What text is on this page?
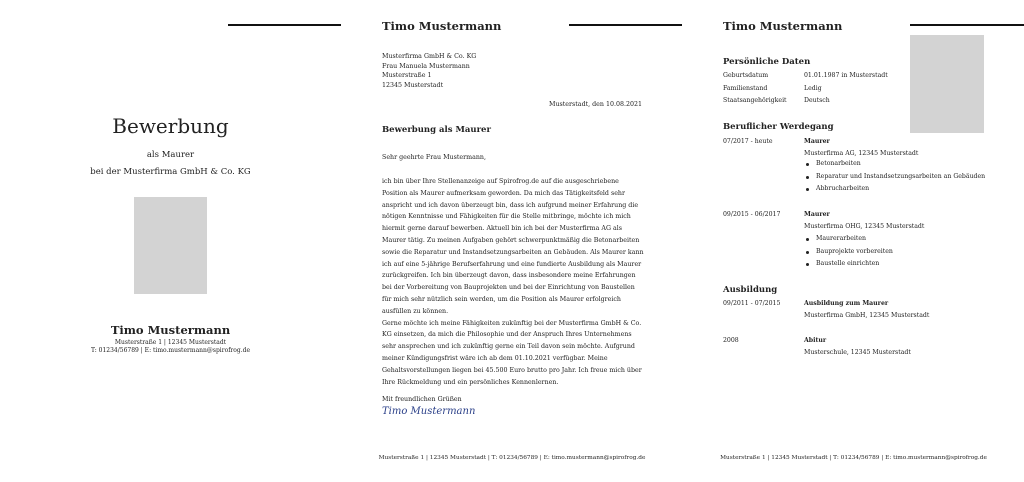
Bewerbung
als Maurer
bei der Musterfirma GmbH & Co. KG
Timo Mustermann
Musterstraße 1 | 12345 Musterstadt
T: 01234/56789 | E: timo.mustermann@spirofrog.de
Timo Mustermann
Musterfirma GmbH & Co. KG
Frau Manuela Mustermann
Musterstraße 1
12345 Musterstadt
Musterstadt, den 10.08.2021
Bewerbung als Maurer
Sehr geehrte Frau Mustermann,

ich bin über Ihre Stellenanzeige auf Spirofrog.de auf die ausgeschriebene Position als Maurer aufmerksam geworden. Da mich das Tätigkeitsfeld sehr anspricht und ich davon überzeugt bin, dass ich aufgrund meiner Erfahrung die nötigen Kenntnisse und Fähigkeiten für die Stelle mitbringe, möchte ich mich hiermit gerne darauf bewerben. Aktuell bin ich bei der Musterfirma AG als Maurer tätig. Zu meinen Aufgaben gehört schwerpunktmäßig die Betonarbeiten sowie die Reparatur und Instandsetzungsarbeiten an Gebäuden. Als Maurer kann ich auf eine 5-jährige Berufserfahrung und eine fundierte Ausbildung als Maurer zurückgreifen. Ich bin überzeugt davon, dass insbesondere meine Erfahrungen bei der Vorbereitung von Bauprojekten und bei der Einrichtung von Baustellen für mich sehr nützlich sein werden, um die Position als Maurer erfolgreich ausfüllen zu können.

Gerne möchte ich meine Fähigkeiten zukünftig bei der Musterfirma GmbH & Co. KG einsetzen, da mich die Philosophie und der Anspruch Ihres Unternehmens sehr ansprechen und ich zukünftig gerne ein Teil davon sein möchte. Aufgrund meiner Kündigungsfrist wäre ich ab dem 01.10.2021 verfügbar. Meine Gehaltsvorstellungen liegen bei 45.500 Euro brutto pro Jahr. Ich freue mich über Ihre Rückmeldung und ein persönliches Kennenlernen.

Mit freundlichen Grüßen
Timo Mustermann
Musterstraße 1 | 12345 Musterstadt | T: 01234/56789 | E: timo.mustermann@spirofrog.de
Timo Mustermann
Persönliche Daten
Geburtsdatum	01.01.1987 in Musterstadt
Familienstand	Ledig
Staatsangehörigkeit	Deutsch
Beruflicher Werdegang
07/2017 - heute	Maurer
Musterfirma AG, 12345 Musterstadt
Betonarbeiten
Reparatur und Instandsetzungsarbeiten an Gebäuden
Abbrucharbeiten
09/2015 - 06/2017	Maurer
Musterfirma OHG, 12345 Musterstadt
Maurerarbeiten
Bauprojekte vorbereiten
Baustelle einrichten
Ausbildung
09/2011 - 07/2015	Ausbildung zum Maurer
Musterfirma GmbH, 12345 Musterstadt
2008	Abitur
Musterschule, 12345 Musterstadt
Musterstraße 1 | 12345 Musterstadt | T: 01234/56789 | E: timo.mustermann@spirofrog.de
